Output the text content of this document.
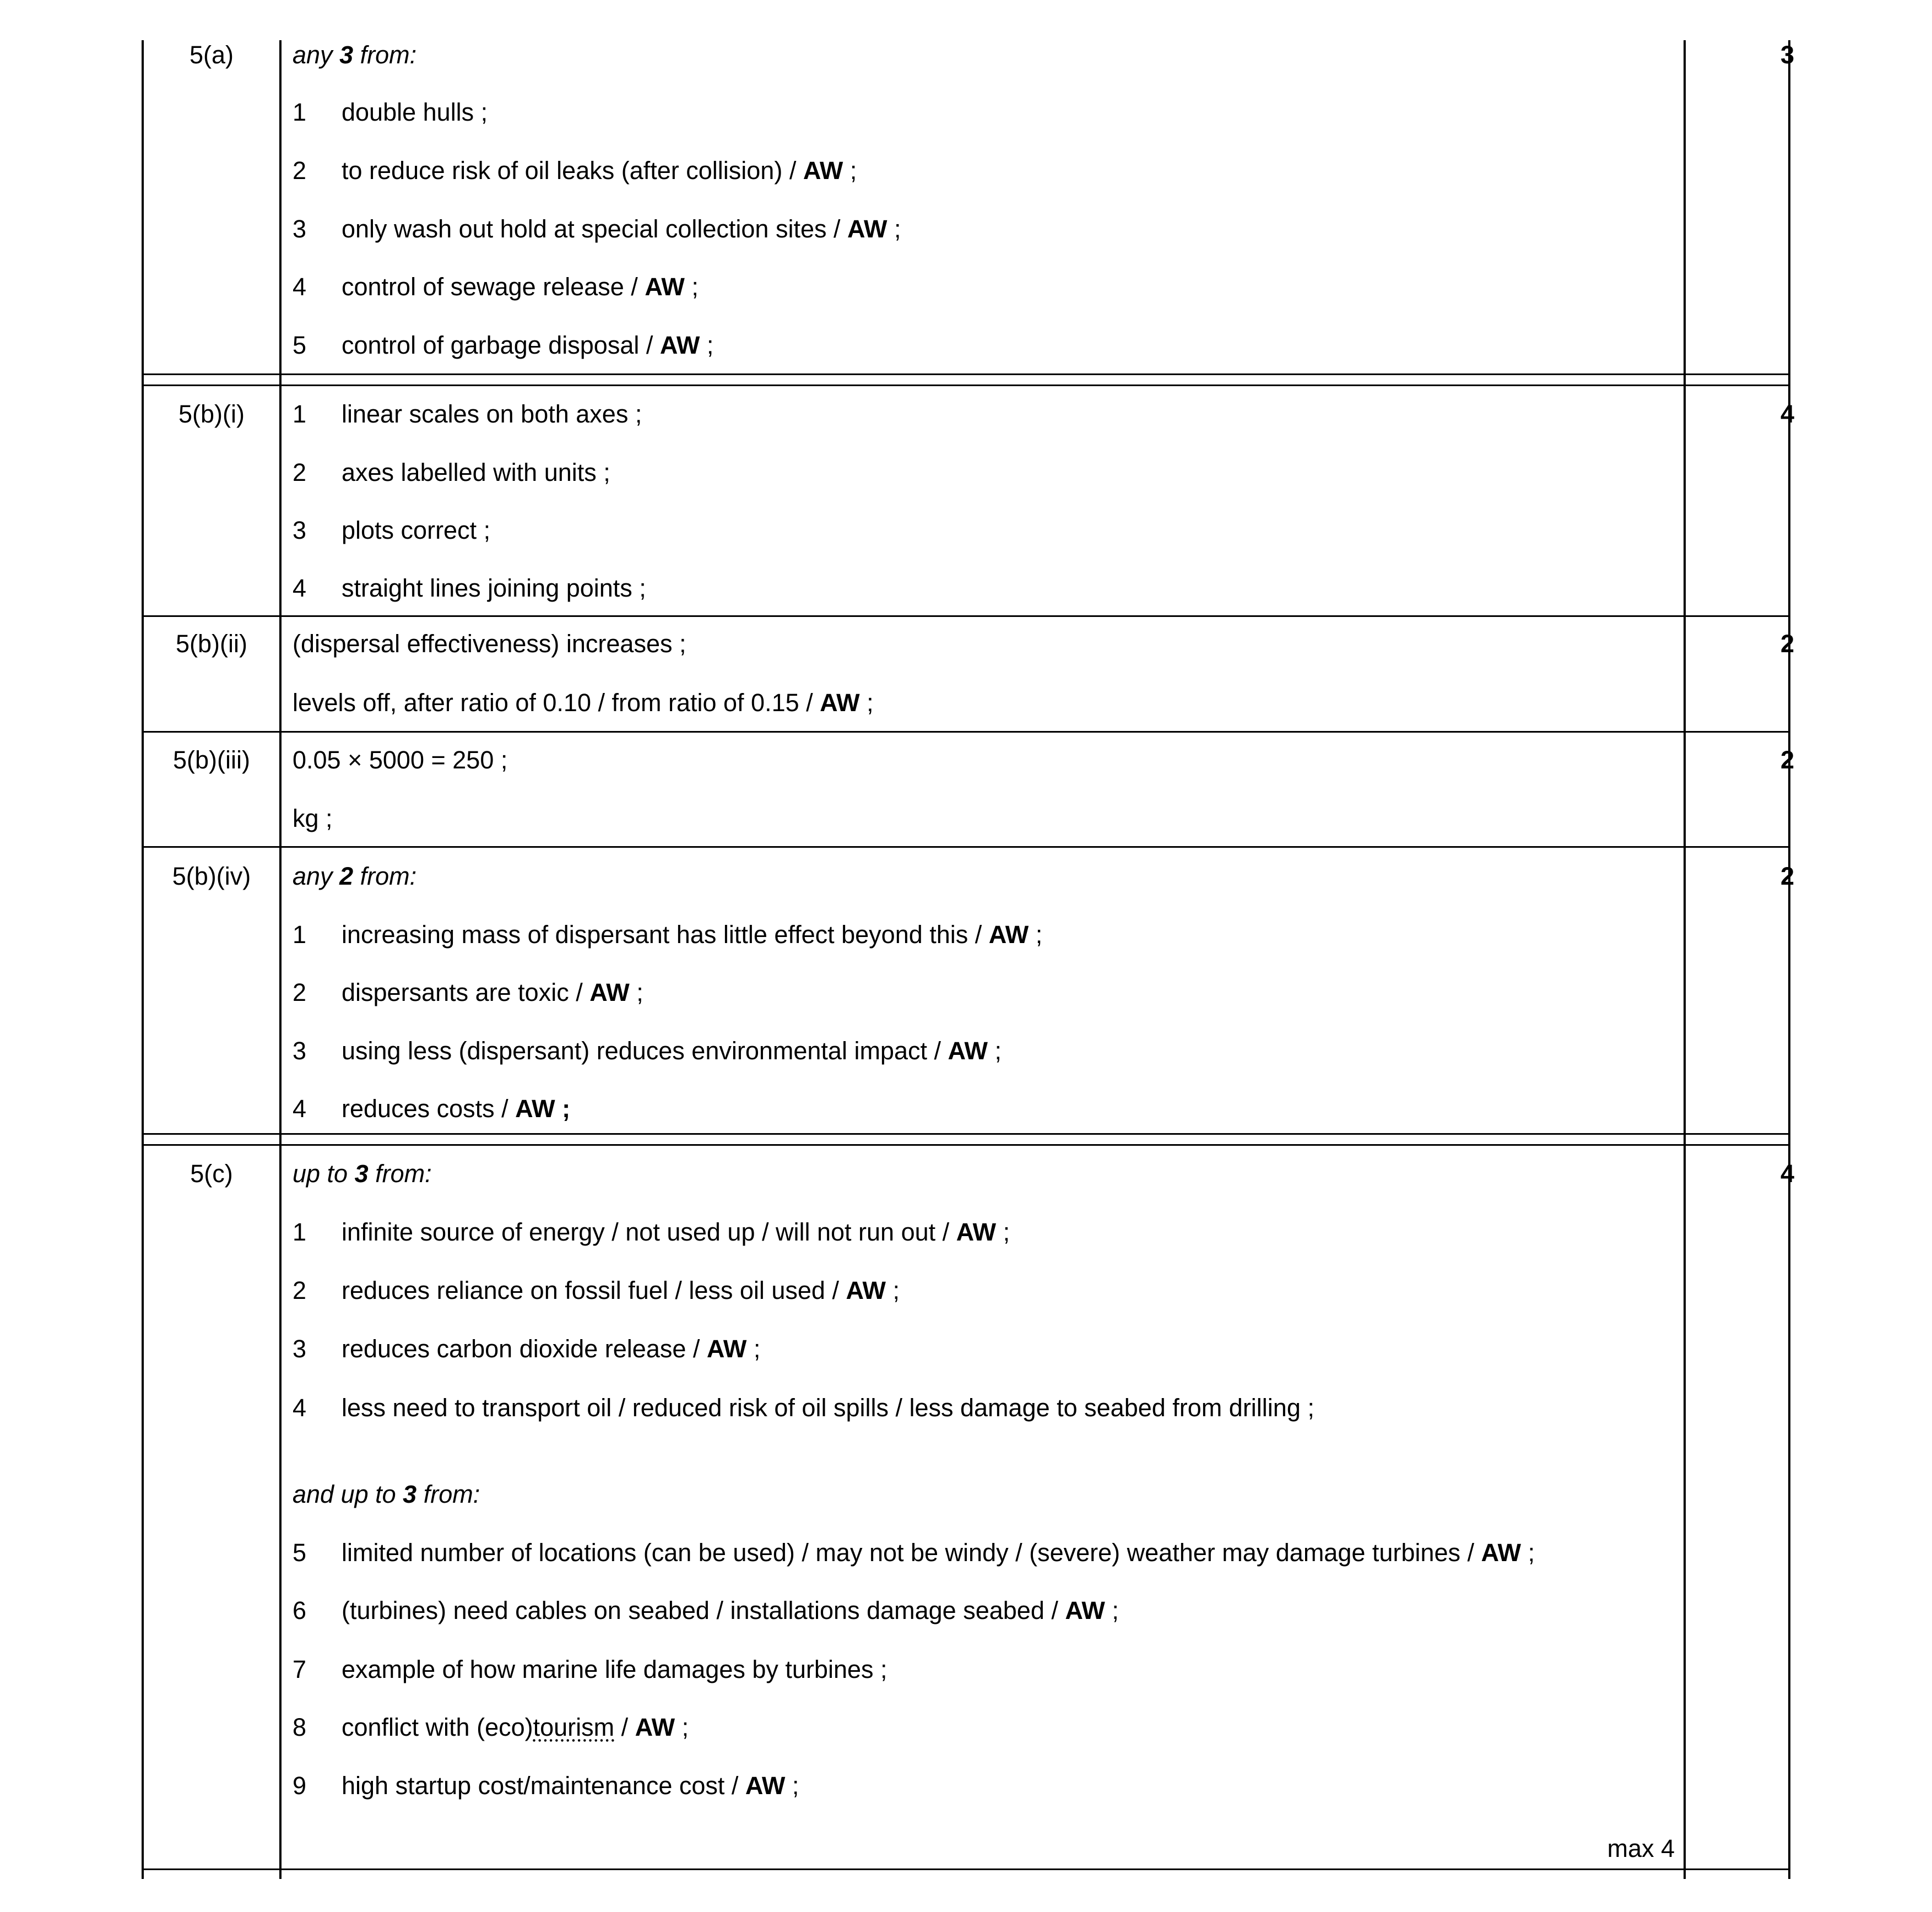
5(a)	3
any 3 from:
1	double hulls ;
2	to reduce risk of oil leaks (after collision) / AW ;
3	only wash out hold at special collection sites / AW ;
4	control of sewage release / AW ;
5	control of garbage disposal / AW ;
5(b)(i)	4
1	linear scales on both axes ;
2	axes labelled with units ;
3	plots correct ;
4	straight lines joining points ;
5(b)(ii)	2
(dispersal effectiveness) increases ;
levels off, after ratio of 0.10 / from ratio of 0.15 / AW ;
5(b)(iii)	2
0.05 × 5000 = 250 ;
kg ;
5(b)(iv)	2
any 2 from:
1	increasing mass of dispersant has little effect beyond this / AW ;
2	dispersants are toxic / AW ;
3	using less (dispersant) reduces environmental impact / AW ;
4	reduces costs / AW ;
5(c)	4
up to 3 from:
1	infinite source of energy / not used up / will not run out / AW ;
2	reduces reliance on fossil fuel / less oil used / AW ;
3	reduces carbon dioxide release / AW ;
4	less need to transport oil / reduced risk of oil spills / less damage to seabed from drilling ;
and up to 3 from:
5	limited number of locations (can be used) / may not be windy / (severe) weather may damage turbines / AW ;
6	(turbines) need cables on seabed / installations damage seabed / AW ;
7	example of how marine life damages by turbines ;
8	conflict with (eco)tourism / AW ;
9	high startup cost/maintenance cost / AW ;
max 4
